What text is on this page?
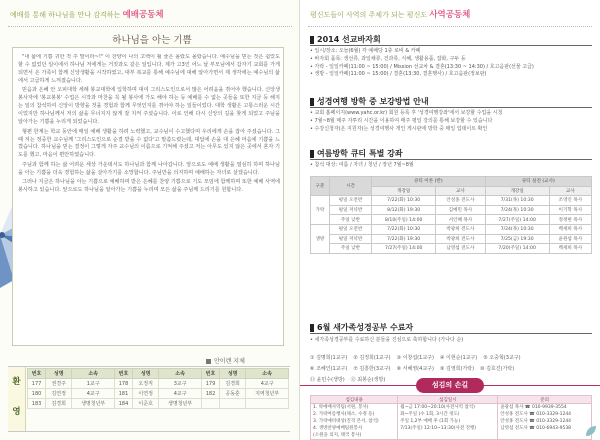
예배를 통해 하나님을 만나 감격하는 예배공동체
하나님을 아는 기쁨

"내 삶에 기쁨 귀한 것 주 말이라~!" 이 찬양이 나의 고백이 될 줄은 몰랐도 몰랐습니다. 예수님을 믿는 것은 쉽었도 할 수 없었던 일이에서 하나님 저에게는 거짓과도 같은 일입니다. 제가 고3인 어느 날 부모님에서 갑자기 교회를 가게 되면서 온 가족이 함께 신앙생활을 시작하였고, 대부 복교를 통해 예수님에 대해 알아가면서 제 생각에는 예수님의 삶에서 고급하게 느껴졌습니다.

믿음과 은혜 안 오피대학 세례 봉교대학에 입학하며 대여 그리스도인으로서 많은 어려움을 겪어야 했습니다. 신앙생 봉사자에 '봉교봉봉' 수업은 시작과 마찬을 꼭 될 봉사에 가도 해야 하는 등 예배를 수 없는 곳들을 또한 지금 등 해지는 일의 참석하여 신앙이 방향을 것을 경험과 함께 무엇인지를 겪어야 하는 일들이었다. 대학 생활은 고통스러운 시간이었지만 하나님께서 저의 삶을 무너지지 않게 잘 지켜 주셨습니다. 이로 인해 다시 신앙의 길을 찾게 되었고 주님을 알아가는 기쁨을 누리게 되었습니다.

형편 한계는 학교 동안에 매일 예배 생활을 하려 노력했고, 교수님이 수고했다며 우리에게 손을 잡아 주셨습니다. 그 때 저는 정중한 교수님께 '그리스도인으로 순결 받을 수 없다'고 말씀드렸는데, 대답에 손을 대 은혜 마음에 기쁨을 느꼈습니다. 하나님을 믿는 결정이 그렇게 자주 교수님의 이름으로 기억해 주셨고 저는 아무도 있지 않은 곳에서 혼자 기도를 했고, 마음이 편안하였습니다.

주님과 함께 하는 삶 어려운 세상 가운데서도 하나님과 함께 나아갑니다. 앞으로도 예배 생활을 열심히 하며 하나님을 아는 기쁨을 더욱 경험하는 삶을 살아가기를 소망합니다. 주님만을 의지하며 예배하는 자녀로 살겠습니다.

그러나 지금은 하나님을 아는 기쁨으로 예배하며 받은 은혜를 찬양 기쁨으로 기도 모임에 함께하며 또한 예배 사역에 봉사하고 있습니다. 앞으로도 하나님을 알아가는 기쁨을 누리며 모든 삶을 주님께 드리기를 원합니다.

안이랜 지체
환
영
번호	성명	소속	번호	성명	소속	번호	성명	소속
177	권경주	1교구	178	오정직	3교구	179	김경희	4교구
180	김연정	4교구	181	이연정	4교구	182	공동훈	지역청년부
183	김경희	생명청년부	184	이준호	생명청년부			
평신도들이 사역의 주체가 되는 평신도 사역공동체
2014 선교바자회
• 일시/장소: 오늘(6월) 각 예배당 1층 로비 & 카페
• 바자회 품목: 생선류, 과일채류, 건과류, 식혜, 생활용품, 잡화, 구두 등
• 가락 - 일일카페(11:00 ~ 15:00) / Mission 선교차 & 결혼(13:30 ~ 14:30) / 호고음판(선물 고급)
• 생방 - 일일카페(11:00 ~ 15:00) / 결혼(13:30, 결혼행사) / 호고음판(정보판)
성경여행 방학 중 보강방법 안내
• 교회 홈페이지(www.yahc.or.kr) 회원 등록 후 '성경여행강좌'에서 보강할 수업을 시청
• 7월~8월 매주 자투리 시간을 이용하여 매주 평일 강의를 통해 보강할 수 있습니다
• 수강신청자(온 지원자)는 성경여행사 개인 게시판에 방학 중 매일 업데이트 확인
여름방학 큐티 특별 강좌
• 참석 대상: 여름 / 자녀 / 청년 / 장년 7월~8월
구분	시간	큐티 이론 (반)		큐티 실전 (교사)	
		개강일	교사	개강일	교사
가락	평일 오전반	7/22(화) 10:30	안성홍 전도사	7/31(목) 10:30	조영인 목사
	평일 저녁반	8/12(화) 19:30	김예민 목사	7/24(목) 10:30	이기학 목사
	주일 낮반	8/10(주일) 14:00	서인혜 목사	7/27(주일) 14:00	정정현 목사
생방	평일 오전반	7/22(화) 10:30	박광희 전도사	7/24(목) 10:30	백세희 목사
	평일 저녁반	7/22(화) 19:30	박광희 전도사	7/25(금) 19:30	윤원섭 목사
	주일 낮반	7/27(주일) 14:00	남영섭 전도사	7/20(주일) 14:00	백세희 목사
6월 새가족성경공부 수료자
• 새가족성경공부를 수료하신 분들을 진심으로 축하합니다 (가나다 순)
① 김명희(1교구) ② 김정희(1교구) ③ 이창섭(1교구) ④ 이현순(1교구) ⑤ 오중혁(3교구)
⑥ 조혜인(1교구) ⑦ 김흥한(3교구) ⑧ 서혜영(4교구) ⑨ 김영희(가락) ⑩ 김호진(가락)
⑪ 윤민수(생방) ⑫ 최봉순(생방)
섬김의 손길
섬김내용	섬김일시	문의
1. 락예배사역팀(서원, 봉사)	월~금 17:00~20:10(사전사역 참석)	윤광섭 목사 ☎ 010-9939-3554
2. 가락여름행사(채소, 수정 등)	화~주일 (수 1회, 3시간 정도)	안성홍 전도사 ☎ 010-3329-1244
3. 가락예비대상(진격 본서, 참석)	주일 1,2부 예배 후 (1회 가능)	안성홍 전도사 ☎ 010-3329-1244
4. 생방찬양예배팀원봉사	7/13(주일) 12:10~13:30(사전 진행)	남영섭 전도사 ☎ 010-6943-9538
(소원을 의지, 태국 봉사)		
